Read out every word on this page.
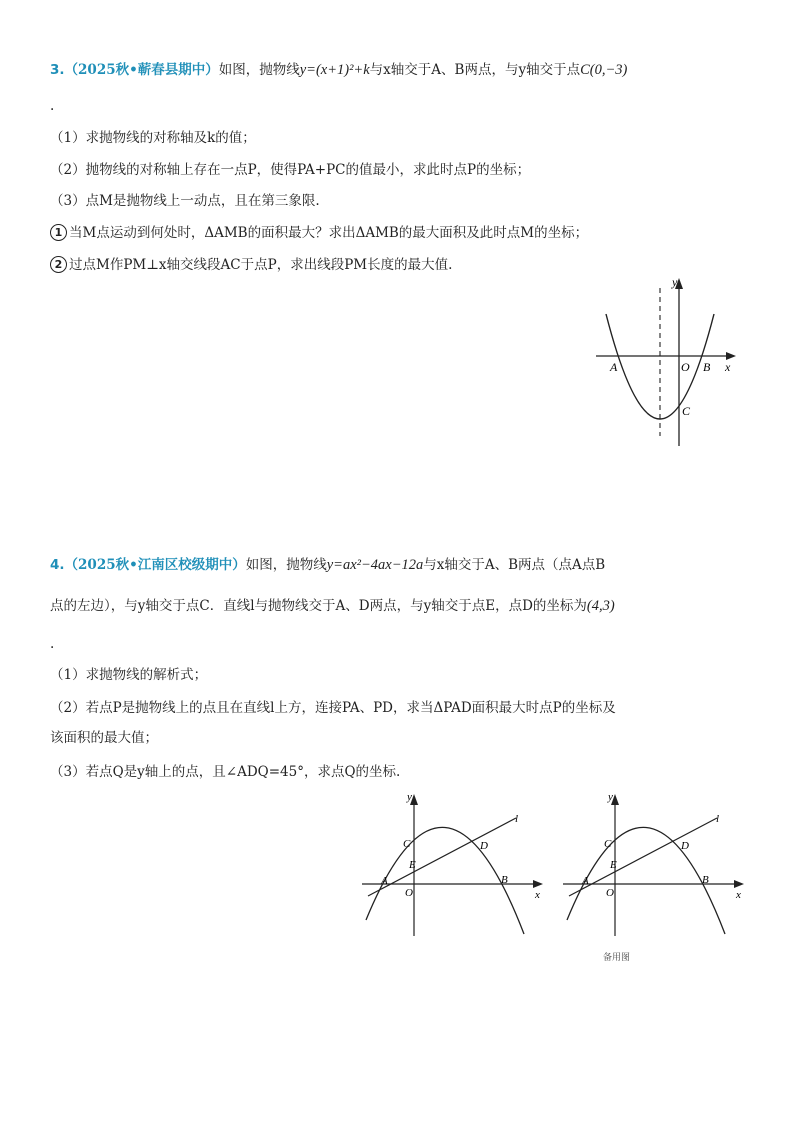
3.（2025秋•蕲春县期中）如图，抛物线y=(x+1)²+k与x轴交于A、B两点，与y轴交于点C(0,−3)
.
（1）求抛物线的对称轴及k的值；
（2）抛物线的对称轴上存在一点P，使得PA+PC的值最小，求此时点P的坐标；
（3）点M是抛物线上一动点，且在第三象限.
1 当M点运动到何处时，ΔAMB的面积最大？求出ΔAMB的最大面积及此时点M的坐标；
2 过点M作PM⊥x轴交线段AC于点P，求出线段PM长度的最大值.
y
x
A	O B
C
4.（2025秋•江南区校级期中）如图，抛物线y=ax²−4ax−12a与x轴交于A、B两点（点A点B
点的左边），与y轴交于点C．直线l与抛物线交于A、D两点，与y轴交于点E，点D的坐标为(4,3)
.
（1）求抛物线的解析式；
（2）若点P是抛物线上的点且在直线l上方，连接PA、PD，求当ΔPAD面积最大时点P的坐标及
该面积的最大值；
（3）若点Q是y轴上的点，且∠ADQ=45°，求点Q的坐标.
y
x
l
C	D
E
A
O
B
y
x
l
C	D
E
A
O
B
备用图
